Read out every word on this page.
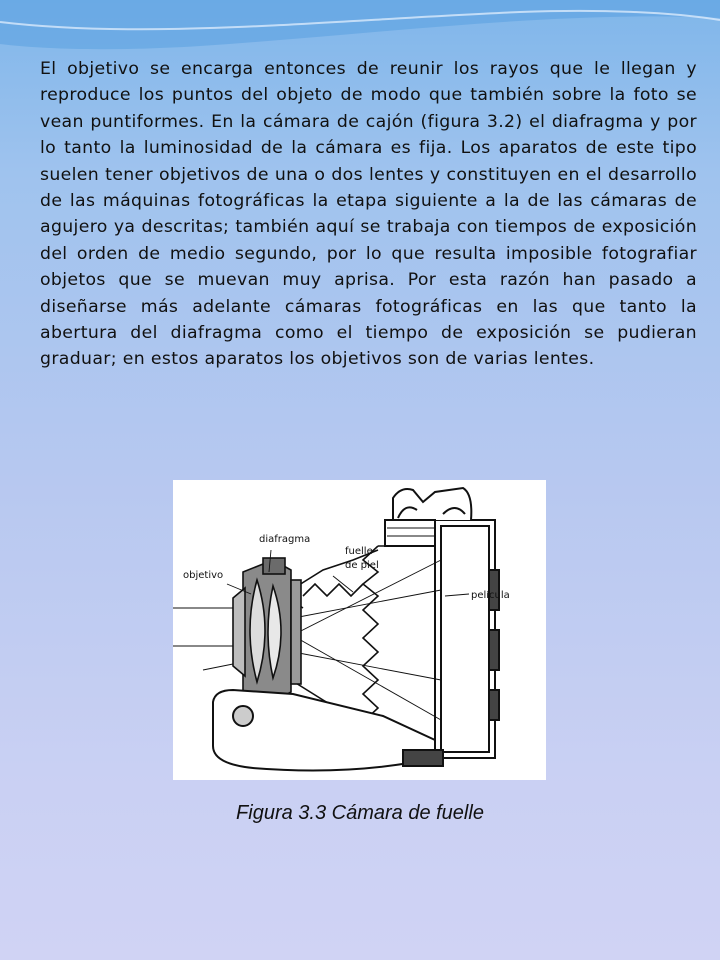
El objetivo se encarga entonces de reunir los rayos que le llegan y reproduce los puntos del objeto de modo que también sobre la foto se vean puntiformes. En la cámara de cajón (figura 3.2) el diafragma y por lo tanto la luminosidad de la cámara es fija. Los aparatos de este tipo suelen tener objetivos de una o dos lentes y constituyen en el desarrollo de las máquinas fotográficas la etapa siguiente a la de las cámaras de agujero ya descritas; también aquí se trabaja con tiempos de exposición del orden de medio segundo, por lo que resulta imposible fotografiar objetos que se muevan muy aprisa. Por esta razón han pasado a diseñarse más adelante cámaras fotográficas en las que tanto la abertura del diafragma como el tiempo de exposición se pudieran graduar; en estos aparatos los objetivos son de varias lentes.

diafragma
objetivo
fuelle
de piel
película
Figura 3.3 Cámara de fuelle
